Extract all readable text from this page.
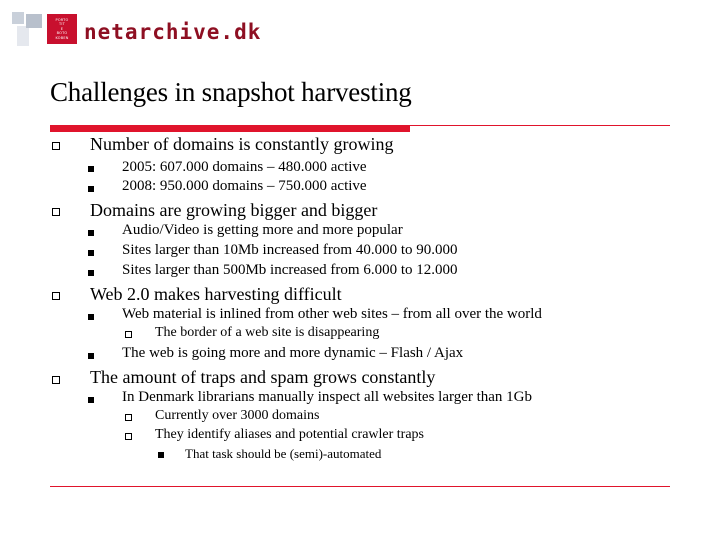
PORTO
TIT
E
BOTO
KOBEN netarchive.dk
Challenges in snapshot harvesting
Number of domains is constantly growing
2005: 607.000 domains – 480.000 active
2008: 950.000 domains – 750.000 active
Domains are growing bigger and bigger
Audio/Video is getting more and more popular
Sites larger than 10Mb increased from 40.000 to 90.000
Sites larger than 500Mb increased from 6.000 to 12.000
Web 2.0 makes harvesting difficult
Web material is inlined from other web sites – from all over the world
The border of a web site is disappearing
The web is going more and more dynamic – Flash / Ajax
The amount of traps and spam grows constantly
In Denmark librarians manually inspect all websites larger than 1Gb
Currently over 3000 domains
They identify aliases and potential crawler traps
That task should be (semi)-automated
